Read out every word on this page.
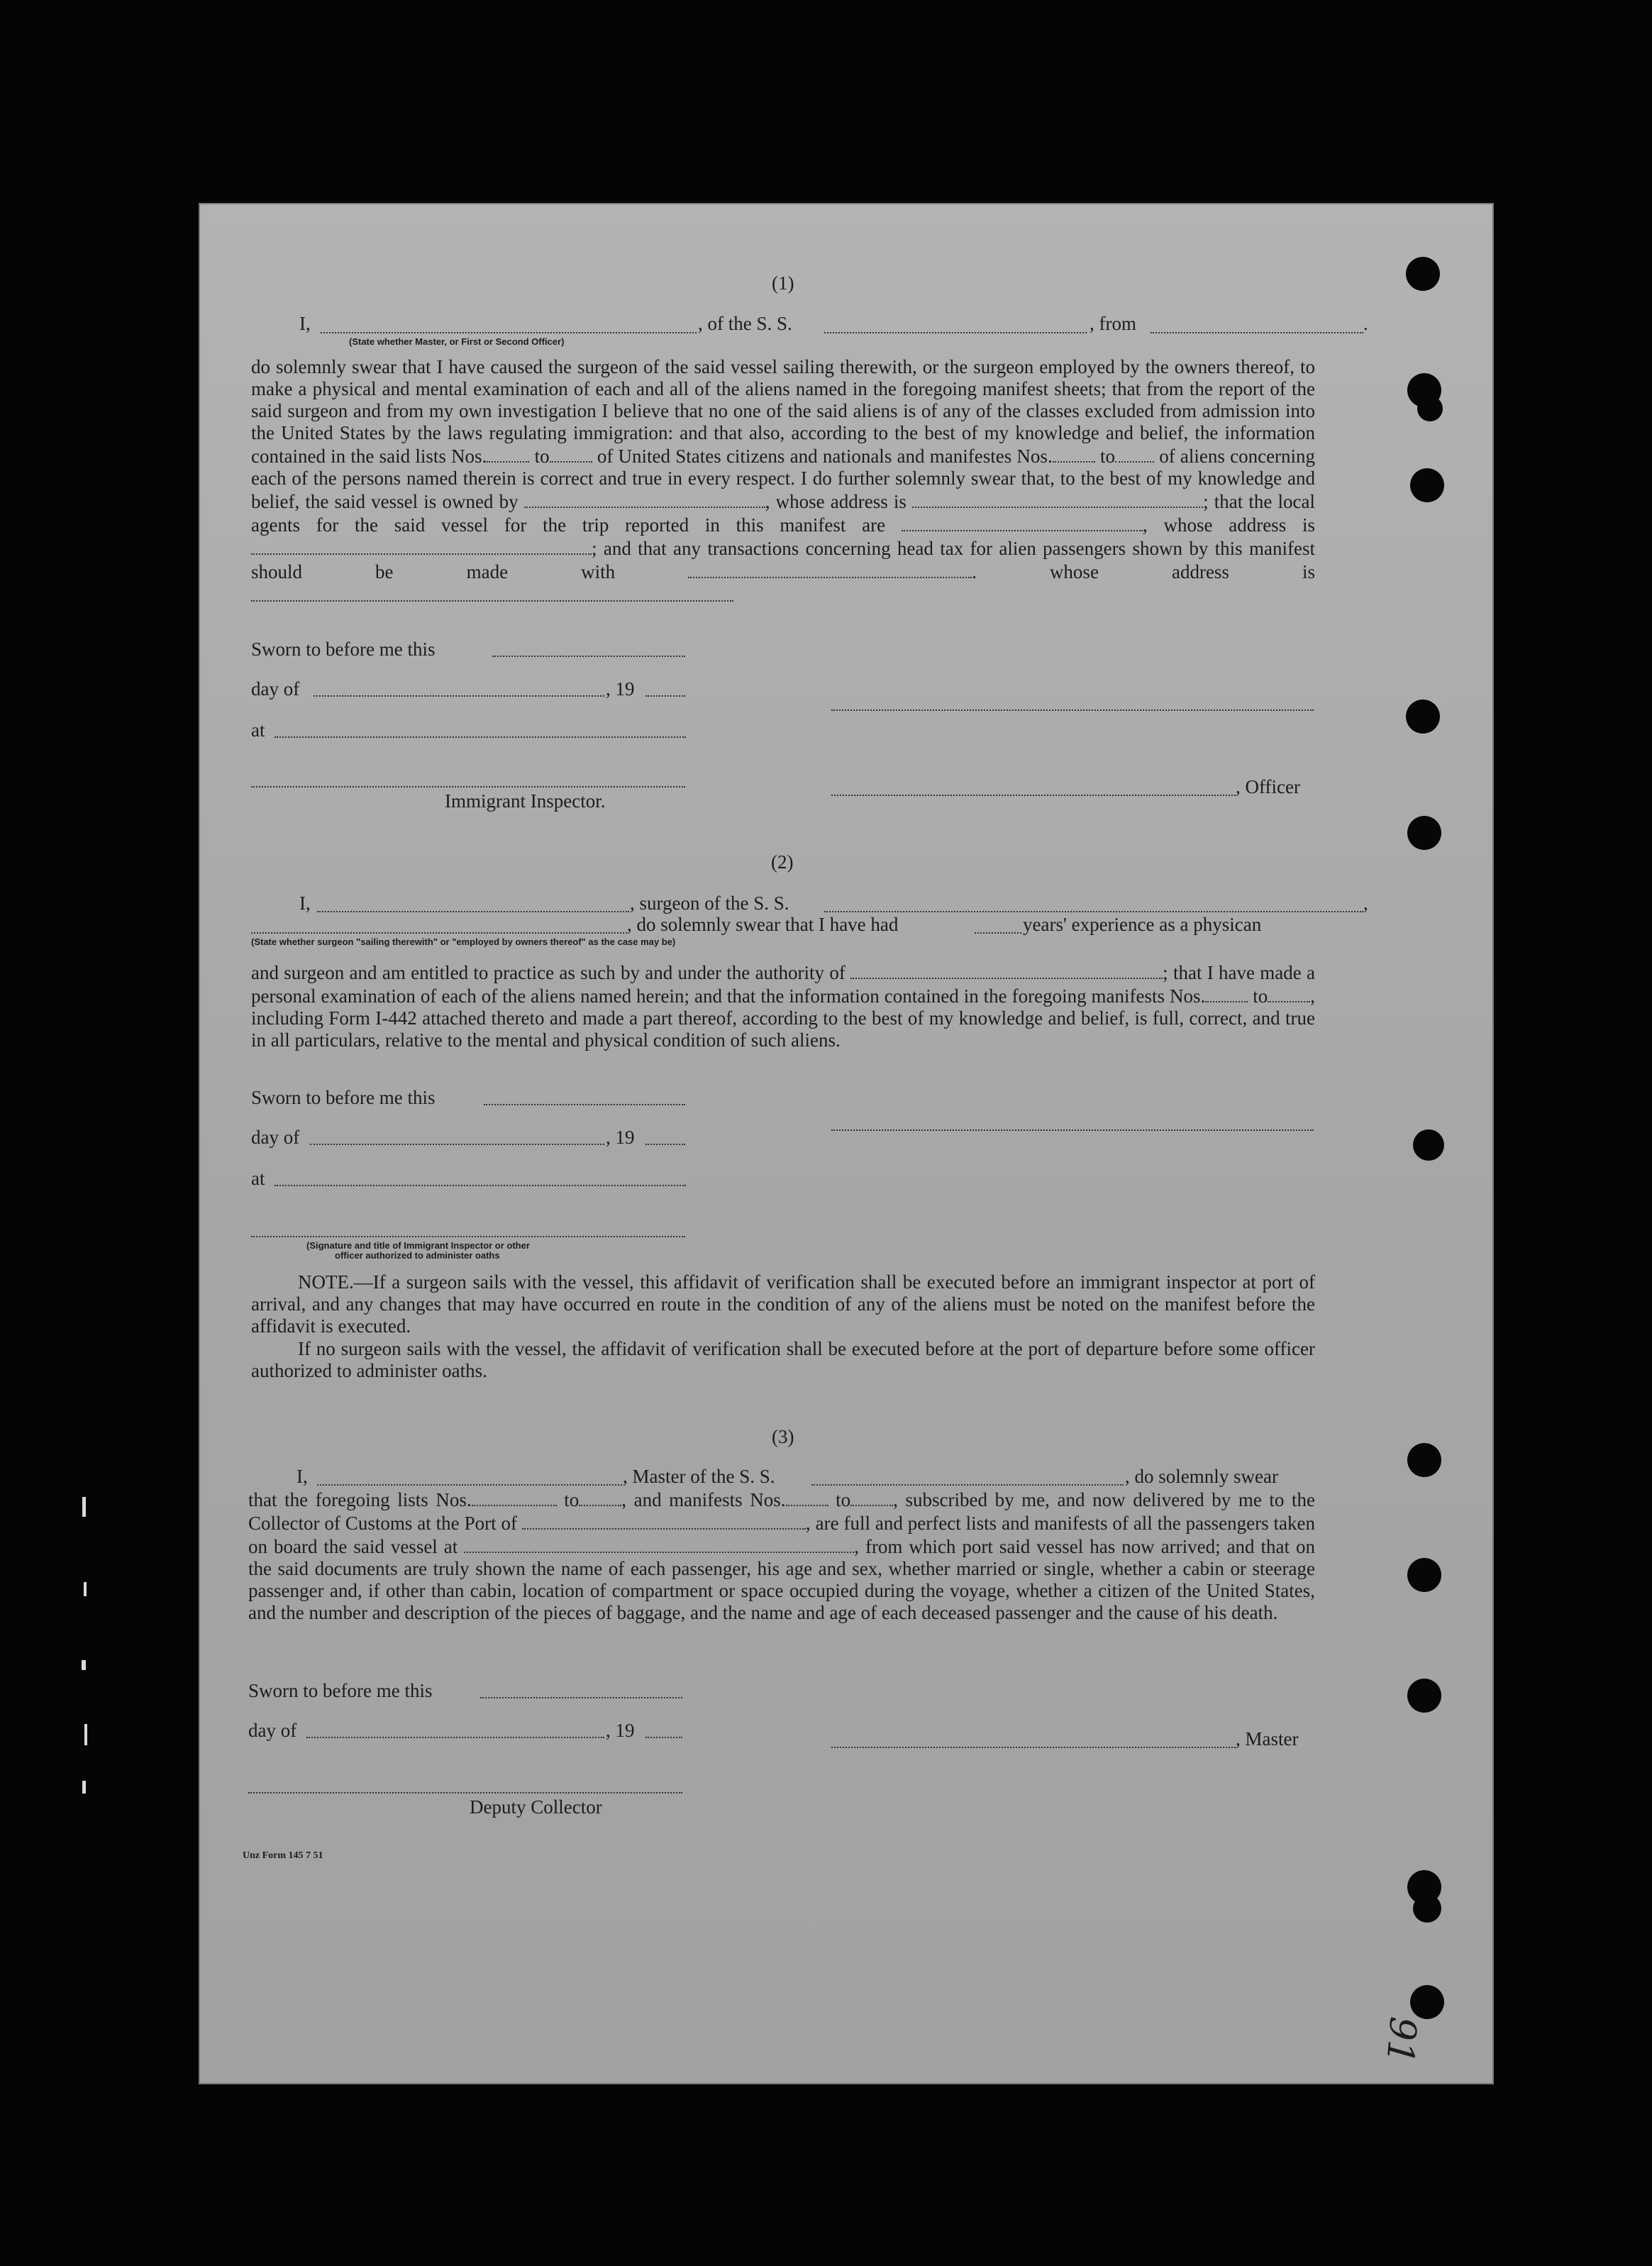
(1)
I,	, of the S. S.	, from	.
(State whether Master, or First or Second Officer)
do solemnly swear that I have caused the surgeon of the said vessel sailing therewith, or the surgeon employed by the owners thereof, to make a physical and mental examination of each and all of the aliens named in the foregoing manifest sheets; that from the report of the said surgeon and from my own investigation I believe that no one of the said aliens is of any of the classes excluded from admission into the United States by the laws regulating immigration: and that also, according to the best of my knowledge and belief, the information contained in the said lists Nos. to of United States citizens and nationals and manifestes Nos. to of aliens concerning each of the persons named therein is correct and true in every respect. I do further solemnly swear that, to the best of my knowledge and belief, the said vessel is owned by	, whose address is	; that the local agents for the said vessel for the trip reported in this manifest are	, whose address is ; and that any transactions concerning head tax for alien passengers shown by this manifest should be made with	.	whose address is
Sworn to before me this
day of	, 19
at
Immigrant Inspector.
, Officer
(2)
I,	, surgeon of the S. S.	,
, do solemnly swear that I have had	years' experience as a physican
(State whether surgeon "sailing therewith" or "employed by owners thereof" as the case may be)
and surgeon and am entitled to practice as such by and under the authority of	; that I have made a personal examination of each of the aliens named herein; and that the information contained in the foregoing manifests Nos. to , including Form I-442 attached thereto and made a part thereof, according to the best of my knowledge and belief, is full, correct, and true in all particulars, relative to the mental and physical condition of such aliens.
Sworn to before me this
day of	, 19
at
(Signature and title of Immigrant Inspector or other
officer authorized to administer oaths
NOTE.—If a surgeon sails with the vessel, this affidavit of verification shall be executed before an immigrant inspector at port of arrival, and any changes that may have occurred en route in the condition of any of the aliens must be noted on the manifest before the affidavit is executed.
If no surgeon sails with the vessel, the affidavit of verification shall be executed before at the port of departure before some officer authorized to administer oaths.
(3)
I,	, Master of the S. S.	, do solemnly swear
that the foregoing lists Nos.	to , and manifests Nos.	to , subscribed by me, and now delivered by me to the Collector of Customs at the Port of	, are full and perfect lists and manifests of all the passengers taken on board the said vessel at	, from which port said vessel has now arrived; and that on the said documents are truly shown the name of each passenger, his age and sex, whether married or single, whether a cabin or steerage passenger and, if other than cabin, location of compartment or space occupied during the voyage, whether a citizen of the United States, and the number and description of the pieces of baggage, and the name and age of each deceased passenger and the cause of his death.
Sworn to before me this
day of	, 19	, Master
Deputy Collector
Unz Form 145 7 51
91
